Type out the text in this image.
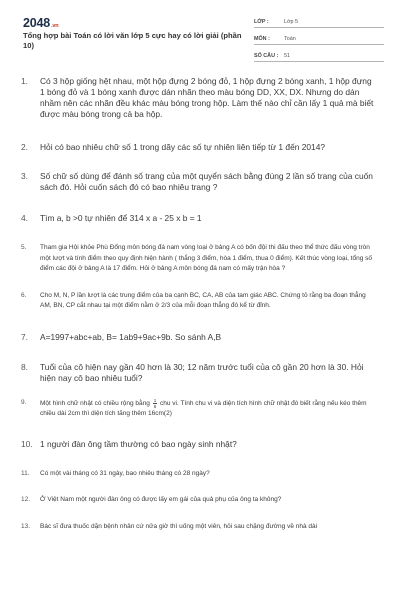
2048.vn
Tổng hợp bài Toán có lời văn lớp 5 cực hay có lời giải (phần 10)
LỚP :	Lớp 5
MÔN :	Toán
SỐ CÂU : 51
1. Có 3 hộp giống hệt nhau, một hộp đựng 2 bóng đỏ, 1 hộp đựng 2 bóng xanh, 1 hộp đựng 1 bóng đỏ và 1 bóng xanh được dán nhãn theo màu bóng DD, XX, DX. Nhưng do dán nhầm nên các nhãn đều khác màu bóng trong hộp. Làm thế nào chỉ cần lấy 1 quả mà biết được màu bóng trong cả ba hộp.
2. Hỏi có bao nhiêu chữ số 1 trong dãy các số tự nhiên liên tiếp từ 1 đến 2014?
3. Số chữ số dùng để đánh số trang của một quyển sách bằng đúng 2 lần số trang của cuốn sách đó. Hỏi cuốn sách đó có bao nhiêu trang ?
4. Tìm a, b >0 tự nhiên để 314 x a - 25 x b = 1
5. Tham gia Hội khỏe Phù Đổng môn bóng đá nam vòng loại ở bảng A có bốn đội thi đấu theo thể thức đấu vòng tròn một lượt và tính điểm theo quy định hiện hành ( thắng 3 điểm, hòa 1 điểm, thua 0 điểm). Kết thúc vòng loại, tổng số điểm các đội ở bảng A là 17 điểm. Hỏi ở bảng A môn bóng đá nam có mấy trận hòa ?
6. Cho M, N, P lần lượt là các trung điểm của ba cạnh BC, CA, AB của tam giác ABC. Chứng tỏ rằng ba đoạn thẳng AM, BN, CP cắt nhau tại một điểm nằm ở 2/3 của mỗi đoạn thẳng đó kể từ đỉnh.
7. A=1997+abc+ab, B= 1ab9+9ac+9b. So sánh A,B
8. Tuổi của cô hiện nay gần 40 hơn là 30; 12 năm trước tuổi của cô gần 20 hơn là 30. Hỏi hiện nay cô bao nhiêu tuổi?
9. Một hình chữ nhật có chiều rộng bằng $\frac{1}{6}$ chu vi. Tính chu vi và diện tích hình chữ nhật đó biết rằng nếu kéo thêm chiều dài 2cm thì diện tích tăng thêm 16cm(2)
10. 1 người đàn ông tầm thường có bao ngày sinh nhật?
11. Có một vài tháng có 31 ngày, bao nhiêu tháng có 28 ngày?
12. Ở Việt Nam một người đàn ông có được lấy em gái của quả phụ của ông ta không?
13. Bác sĩ đưa thuốc dặn bệnh nhân cứ nửa giờ thì uống một viên, hỏi sau chặng đường về nhà dài
